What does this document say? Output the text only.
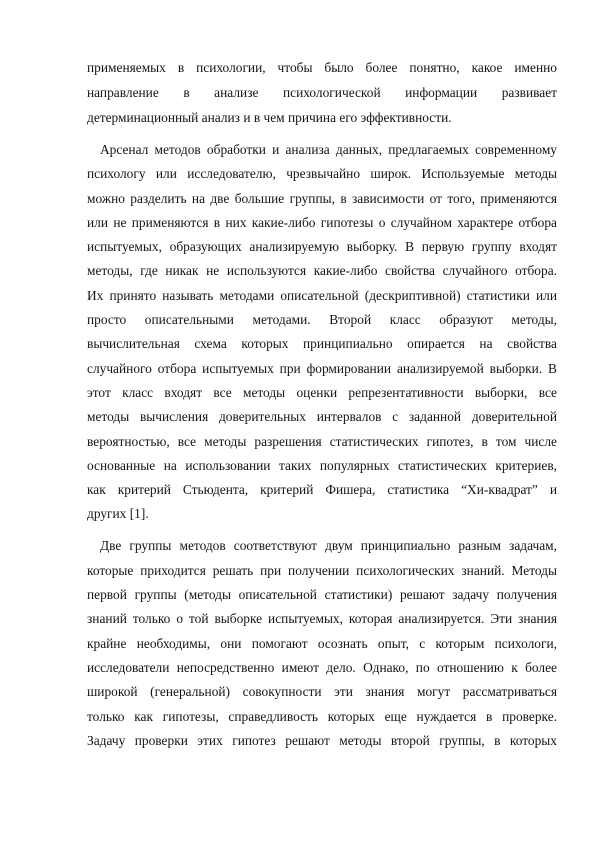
применяемых в психологии, чтобы было более понятно, какое именно
направление в анализе психологической информации развивает
детерминационный анализ и в чем причина его эффективности.
Арсенал методов обработки и анализа данных, предлагаемых современному
психологу или исследователю, чрезвычайно широк. Используемые методы
можно разделить на две большие группы, в зависимости от того, применяются
или не применяются в них какие-либо гипотезы о случайном характере отбора
испытуемых, образующих анализируемую выборку. В первую группу входят
методы, где никак не используются какие-либо свойства случайного отбора.
Их принято называть методами описательной (дескриптивной) статистики или
просто описательными методами. Второй класс образуют методы,
вычислительная схема которых принципиально опирается на свойства
случайного отбора испытуемых при формировании анализируемой выборки. В
этот класс входят все методы оценки репрезентативности выборки, все
методы вычисления доверительных интервалов с заданной доверительной
вероятностью, все методы разрешения статистических гипотез, в том числе
основанные на использовании таких популярных статистических критериев,
как критерий Стьюдента, критерий Фишера, статистика “Хи-квадрат” и
других [1].
Две группы методов соответствуют двум принципиально разным задачам,
которые приходится решать при получении психологических знаний. Методы
первой группы (методы описательной статистики) решают задачу получения
знаний только о той выборке испытуемых, которая анализируется. Эти знания
крайне необходимы, они помогают осознать опыт, с которым психологи,
исследователи непосредственно имеют дело. Однако, по отношению к более
широкой (генеральной) совокупности эти знания могут рассматриваться
только как гипотезы, справедливость которых еще нуждается в проверке.
Задачу проверки этих гипотез решают методы второй группы, в которых
